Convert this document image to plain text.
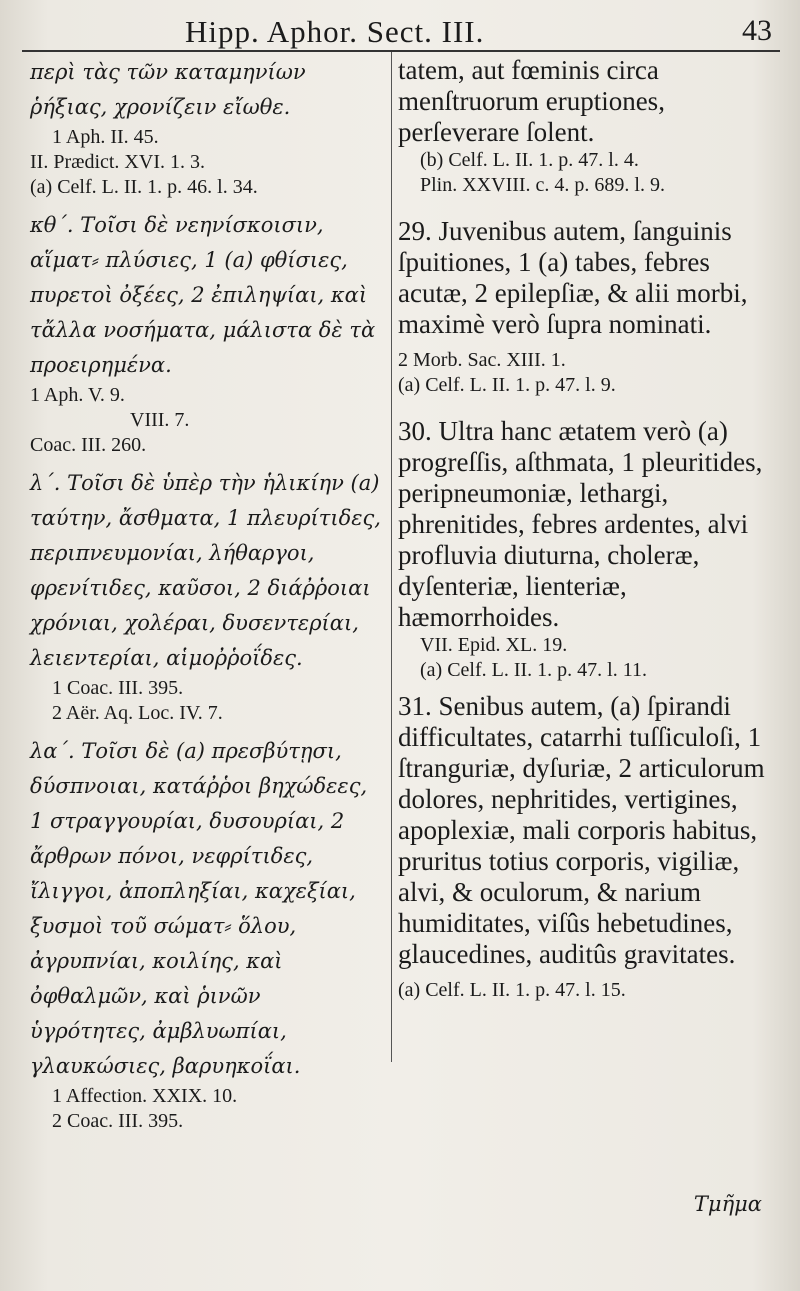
Hipp. Aphor. Sect. III.	43
περὶ τὰς τῶν καταμηνίων ῥήξιας, χρονίζειν εἴωθε.

1 Aph. II. 45.

II. Prædict. XVI. 1. 3.

(a) Celf. L. II. 1. p. 46. l. 34.

κθ΄. Τοῖσι δὲ νεηνίσκοισιν, αἵματ⸗ πλύσιες, 1 (a) φθίσιες, πυρετοὶ ὀξέες, 2 ἐπιληψίαι, καὶ τἄλλα νοσήματα, μάλιστα δὲ τὰ προειρημένα.

1 Aph. V. 9.

VIII. 7.

Coac. III. 260.

λ΄. Τοῖσι δὲ ὑπὲρ τὴν ἡλικίην (a) ταύτην, ἄσθματα, 1 πλευρίτιδες, περιπνευμονίαι, λήθαργοι, φρενίτιδες, καῦσοι, 2 διάῤῥοιαι χρόνιαι, χολέραι, δυσεντερίαι, λειεντερίαι, αἱμοῤῥοΐδες.

1 Coac. III. 395.

2 Aër. Aq. Loc. IV. 7.

λα΄. Τοῖσι δὲ (a) πρεσβύτῃσι, δύσπνοιαι, κατάῤῥοι βηχώδεες, 1 στραγγουρίαι, δυσουρίαι, 2 ἄρθρων πόνοι, νεφρίτιδες, ἴλιγγοι, ἀποπληξίαι, καχεξίαι, ξυσμοὶ τοῦ σώματ⸗ ὅλου, ἀγρυπνίαι, κοιλίης, καὶ ὀφθαλμῶν, καὶ ῥινῶν ὑγρότητες, ἀμβλυωπίαι, γλαυκώσιες, βαρυηκοΐαι.

1 Affection. XXIX. 10.

2 Coac. III. 395.

tatem, aut fœminis circa menſtruorum eruptiones, perſeverare ſolent.

(b) Celf. L. II. 1. p. 47. l. 4.

Plin. XXVIII. c. 4. p. 689. l. 9.

29. Juvenibus autem, ſanguinis ſpuitiones, 1 (a) tabes, febres acutæ, 2 epilepſiæ, & alii morbi, maximè verò ſupra nominati.

2 Morb. Sac. XIII. 1.

(a) Celf. L. II. 1. p. 47. l. 9.

30. Ultra hanc ætatem verò (a) progreſſis, aſthmata, 1 pleuritides, peripneumoniæ, lethargi, phrenitides, febres ardentes, alvi profluvia diuturna, choleræ, dyſenteriæ, lienteriæ, hæmorrhoides.

VII. Epid. XL. 19.

(a) Celf. L. II. 1. p. 47. l. 11.

31. Senibus autem, (a) ſpirandi difficultates, catarrhi tuſſiculoſi, 1 ſtranguriæ, dyſuriæ, 2 articulorum dolores, nephritides, vertigines, apoplexiæ, mali corporis habitus, pruritus totius corporis, vigiliæ, alvi, & oculorum, & narium humiditates, viſûs hebetudines, glaucedines, auditûs gravitates.

(a) Celf. L. II. 1. p. 47. l. 15.

Τμῆμα
